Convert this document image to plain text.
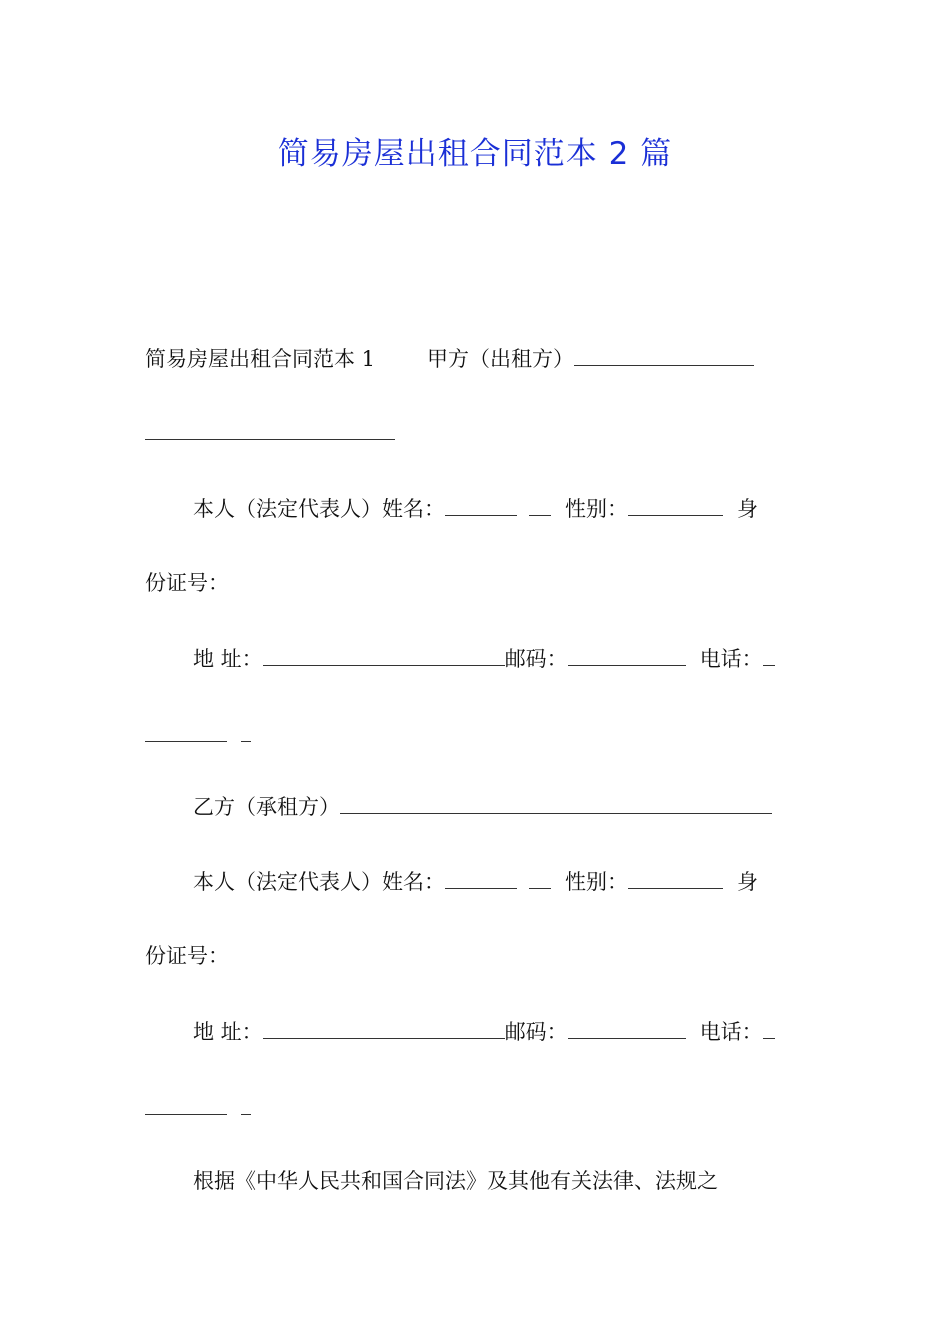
简易房屋出租合同范本 2 篇
简易房屋出租合同范本 1 甲方（出租方）
本人（法定代表人）姓名：	性别：	身
份证号：
地 址：	邮码：	电话：
乙方（承租方）
本人（法定代表人）姓名：	性别：	身
份证号：
地 址：	邮码：	电话：
根据《中华人民共和国合同法》及其他有关法律、法规之
